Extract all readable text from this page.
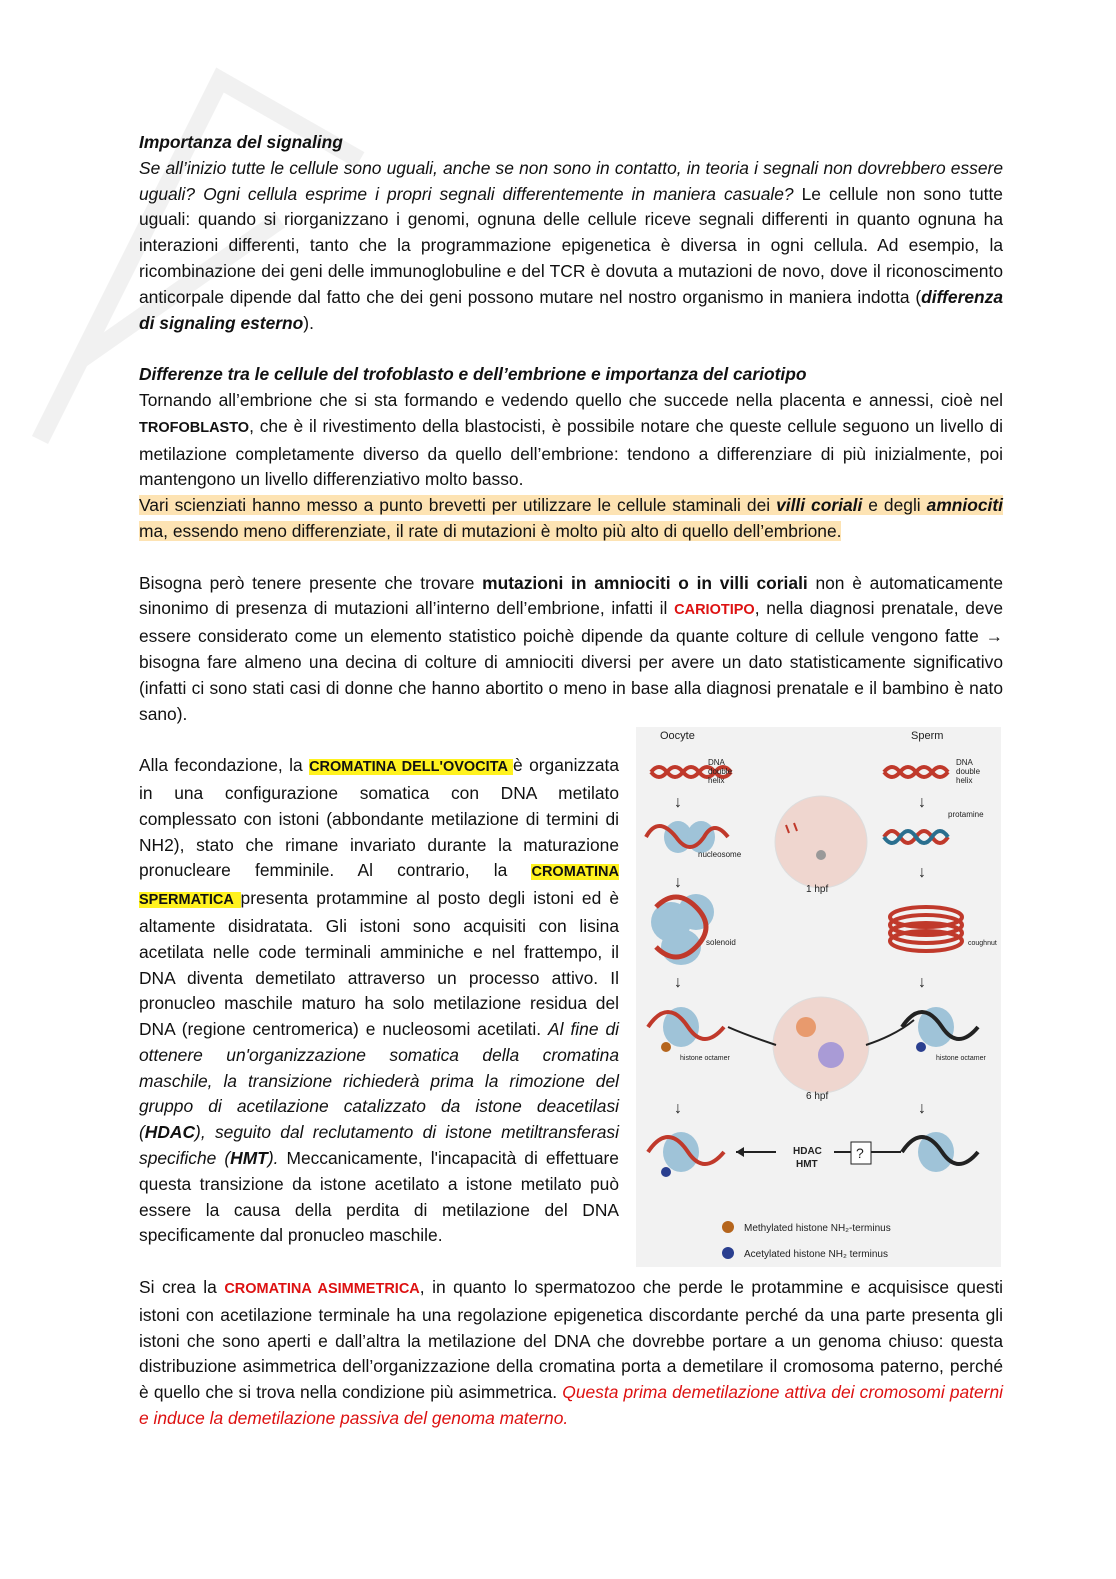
Importanza del signaling
Se all’inizio tutte le cellule sono uguali, anche se non sono in contatto, in teoria i segnali non dovrebbero essere uguali? Ogni cellula esprime i propri segnali differentemente in maniera casuale? Le cellule non sono tutte uguali: quando si riorganizzano i genomi, ognuna delle cellule riceve segnali differenti in quanto ognuna ha interazioni differenti, tanto che la programmazione epigenetica è diversa in ogni cellula. Ad esempio, la ricombinazione dei geni delle immunoglobuline e del TCR è dovuta a mutazioni de novo, dove il riconoscimento anticorpale dipende dal fatto che dei geni possono mutare nel nostro organismo in maniera indotta (differenza di signaling esterno).

Differenze tra le cellule del trofoblasto e dell’embrione e importanza del cariotipo
Tornando all’embrione che si sta formando e vedendo quello che succede nella placenta e annessi, cioè nel TROFOBLASTO, che è il rivestimento della blastocisti, è possibile notare che queste cellule seguono un livello di metilazione completamente diverso da quello dell’embrione: tendono a differenziare di più inizialmente, poi mantengono un livello differenziativo molto basso.
Vari scienziati hanno messo a punto brevetti per utilizzare le cellule staminali dei villi coriali e degli amniociti ma, essendo meno differenziate, il rate di mutazioni è molto più alto di quello dell’embrione.

Bisogna però tenere presente che trovare mutazioni in amniociti o in villi coriali non è automaticamente sinonimo di presenza di mutazioni all’interno dell’embrione, infatti il CARIOTIPO, nella diagnosi prenatale, deve essere considerato come un elemento statistico poichè dipende da quante colture di cellule vengono fatte → bisogna fare almeno una decina di colture di amniociti diversi per avere un dato statisticamente significativo (infatti ci sono stati casi di donne che hanno abortito o meno in base alla diagnosi prenatale e il bambino è nato sano).

Alla fecondazione, la CROMATINA DELL'OVOCITA è organizzata in una configurazione somatica con DNA metilato complessato con istoni (abbondante metilazione di termini di NH2), stato che rimane invariato durante la maturazione pronucleare femminile. Al contrario, la CROMATINA SPERMATICA presenta protammine al posto degli istoni ed è altamente disidratata. Gli istoni sono acquisiti con lisina acetilata nelle code terminali amminiche e nel frattempo, il DNA diventa demetilato attraverso un processo attivo. Il pronucleo maschile maturo ha solo metilazione residua del DNA (regione centromerica) e nucleosomi acetilati. Al fine di ottenere un'organizzazione somatica della cromatina maschile, la transizione richiederà prima la rimozione del gruppo di acetilazione catalizzato da istone deacetilasi (HDAC), seguito dal reclutamento di istone metiltransferasi specifiche (HMT). Meccanicamente, l'incapacità di effettuare questa transizione da istone acetilato a istone metilato può essere la causa della perdita di metilazione del DNA specificamente dal pronucleo maschile.

Oocyte	Sperm
DNA
double
helix
↓
nucleosome
↓
solenoid
↓
histone octamer
↓
1 hpf
6 hpf
HDAC
HMT
?
DNA
double
helix
↓
protamine
↓
coughnut
↓
histone octamer
↓
Methylated histone NH₂-terminus
Acetylated histone NH₂ terminus

Si crea la CROMATINA ASIMMETRICA, in quanto lo spermatozoo che perde le protammine e acquisisce questi istoni con acetilazione terminale ha una regolazione epigenetica discordante perché da una parte presenta gli istoni che sono aperti e dall’altra la metilazione del DNA che dovrebbe portare a un genoma chiuso: questa distribuzione asimmetrica dell’organizzazione della cromatina porta a demetilare il cromosoma paterno, perché è quello che si trova nella condizione più asimmetrica. Questa prima demetilazione attiva dei cromosomi paterni e induce la demetilazione passiva del genoma materno.
